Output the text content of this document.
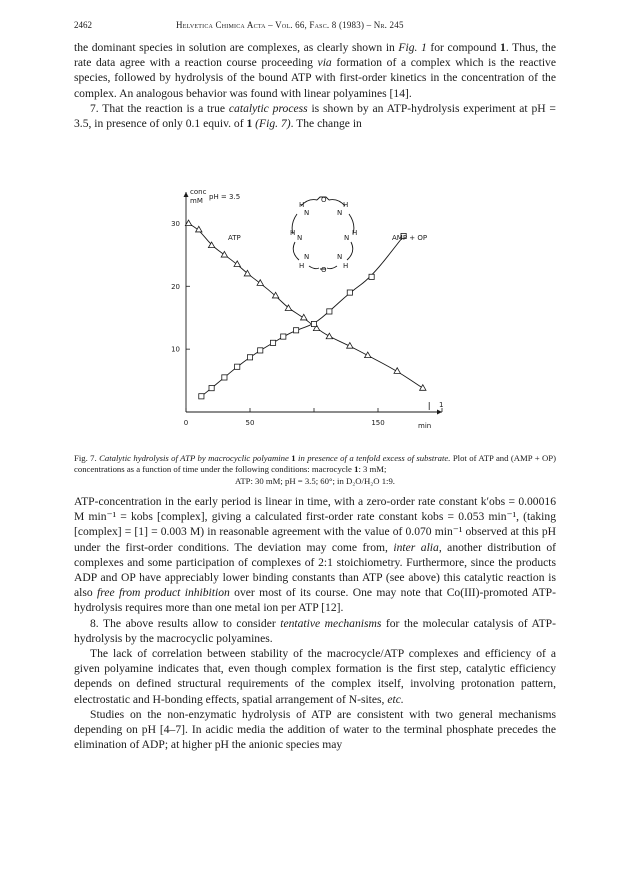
2462	Helvetica Chimica Acta – Vol. 66, Fasc. 8 (1983) – Nr. 245

the dominant species in solution are complexes, as clearly shown in Fig. 1 for compound 1. Thus, the rate data agree with a reaction course proceeding via formation of a complex which is the reactive species, followed by hydrolysis of the bound ATP with first-order kinetics in the concentration of the complex. An analogous behavior was found with linear polyamines [14].

7. That the reaction is a true catalytic process is shown by an ATP-hydrolysis experiment at pH = 3.5, in presence of only 0.1 equiv. of 1 (Fig. 7). The change in

10
20
30
0	50	150
conc
mM pH = 3.5
min
ATP	AMP + OP
1
H
N	N
H
H
N	N
H
N	N
H
O
O H
Fig. 7. Catalytic hydrolysis of ATP by macrocyclic polyamine 1 in presence of a tenfold excess of substrate. Plot of ATP and (AMP + OP) concentrations as a function of time under the following conditions: macrocycle 1: 3 mM;
ATP: 30 mM; pH = 3.5; 60°; in D₂O/H₂O 1:9.

ATP-concentration in the early period is linear in time, with a zero-order rate constant k′obs = 0.00016 M min⁻¹ = kobs [complex], giving a calculated first-order rate constant kobs = 0.053 min⁻¹, (taking [complex] = [1] = 0.003 M) in reasonable agreement with the value of 0.070 min⁻¹ observed at this pH under the first-order conditions. The deviation may come from, inter alia, another distribution of complexes and some participation of complexes of 2:1 stoichiometry. Furthermore, since the products ADP and OP have appreciably lower binding constants than ATP (see above) this catalytic reaction is also free from product inhibition over most of its course. One may note that Co(III)-promoted ATP-hydrolysis requires more than one metal ion per ATP [12].

8. The above results allow to consider tentative mechanisms for the molecular catalysis of ATP-hydrolysis by the macrocyclic polyamines.

The lack of correlation between stability of the macrocycle/ATP complexes and efficiency of a given polyamine indicates that, even though complex formation is the first step, catalytic efficiency depends on defined structural requirements of the complex itself, involving protonation pattern, electrostatic and H-bonding effects, spatial arrangement of N-sites, etc.

Studies on the non-enzymatic hydrolysis of ATP are consistent with two general mechanisms depending on pH [4–7]. In acidic media the addition of water to the terminal phosphate precedes the elimination of ADP; at higher pH the anionic species may
